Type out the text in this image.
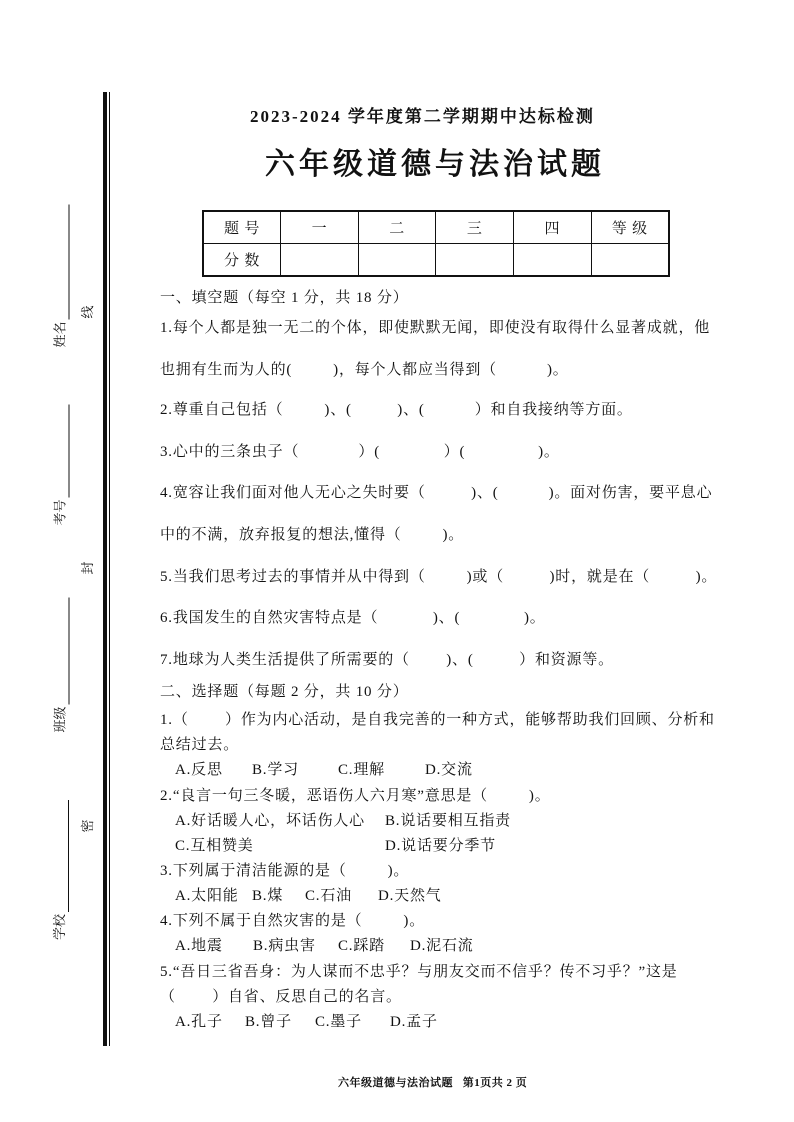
姓名
考号
班级
学校
线
封
密
2023-2024 学年度第二学期期中达标检测
六年级道德与法治试题
题 号	一	二	三	四	等 级
分 数					
一、填空题（每空 1 分，共 18 分）
1.每个人都是独一无二的个体，即使默默无闻，即使没有取得什么显著成就，他
也拥有生而为人的(         )，每个人都应当得到（           )。
2.尊重自己包括（         )、(          )、(           ）和自我接纳等方面。
3.心中的三条虫子（             ）(              ）(                )。
4.宽容让我们面对他人无心之失时要（          )、(           )。面对伤害，要平息心
中的不满，放弃报复的想法,懂得（         )。
5.当我们思考过去的事情并从中得到（         )或（          )时，就是在（          )。
6.我国发生的自然灾害特点是（            )、(              )。
7.地球为人类生活提供了所需要的（        )、(          ）和资源等。
二、选择题（每题 2 分，共 10 分）
1.（        ）作为内心活动，是自我完善的一种方式，能够帮助我们回顾、分析和
总结过去。
A.反思 B.学习	C.理解	D.交流
2.“良言一句三冬暖，恶语伤人六月寒”意思是（         )。
A.好话暖人心，坏话伤人心 B.说话要相互指责
C.互相赞美	D.说话要分季节
3.下列属于清洁能源的是（         )。
A.太阳能 B.煤 C.石油 D.天然气
4.下列不属于自然灾害的是（         )。
A.地震 B.病虫害 C.踩踏 D.泥石流
5.“吾日三省吾身：为人谋而不忠乎？与朋友交而不信乎？传不习乎？”这是
（        ）自省、反思自己的名言。
A.孔子 B.曾子 C.墨子 D.孟子
六年级道德与法治试题   第1页共 2 页
